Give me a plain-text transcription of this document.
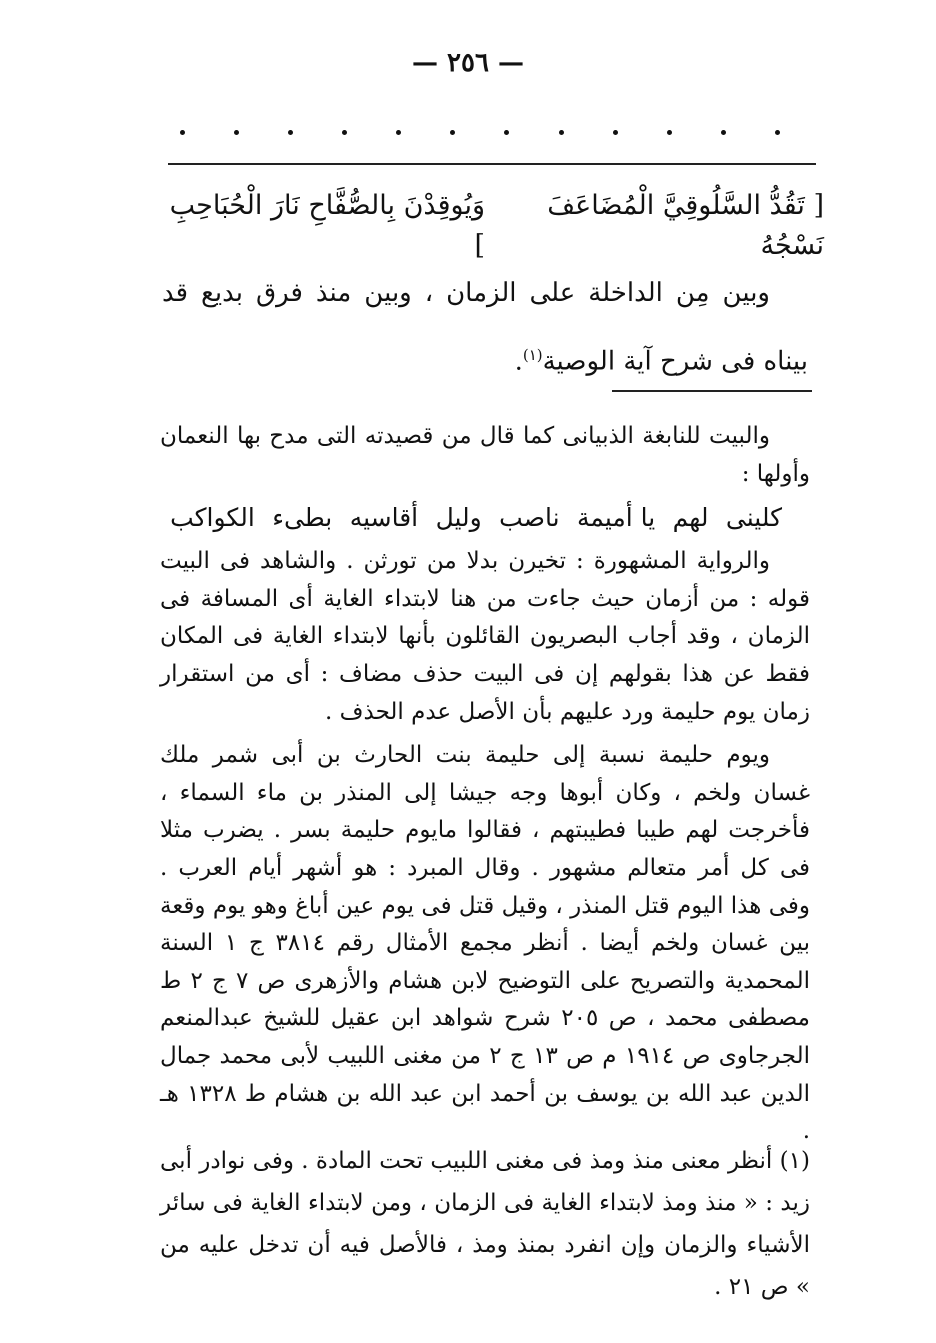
— ٢٥٦ —
[ تَقُدُّ السَّلُوقِيَّ الْمُضَاعَفَ نَسْجُهُ
وَيُوقِدْنَ بِالصُّفَّاحِ نَارَ الْحُبَاحِبِ ]

وبين مِن الداخلة على الزمان ، وبين منذ فرق بديع قد بيناه فى شرح آية الوصية$^{(١)}$.

والبيت للنابغة الذبيانى كما قال من قصيدته التى مدح بها النعمان وأولها :

كلينى
لهم
يا أميمة
ناصب
وليل
أقاسيه
بطىء
الكواكب

والرواية المشهورة : تخيرن بدلا من تورثن . والشاهد فى البيت قوله : من أزمان حيث جاءت من هنا لابتداء الغاية أى المسافة فى الزمان ، وقد أجاب البصريون القائلون بأنها لابتداء الغاية فى المكان فقط عن هذا بقولهم إن فى البيت حذف مضاف : أى من استقرار زمان يوم حليمة ورد عليهم بأن الأصل عدم الحذف .

ويوم حليمة نسبة إلى حليمة بنت الحارث بن أبى شمر ملك غسان ولخم ، وكان أبوها وجه جيشا إلى المنذر بن ماء السماء ، فأخرجت لهم طيبا فطيبتهم ، فقالوا مايوم حليمة بسر . يضرب مثلا فى كل أمر متعالم مشهور . وقال المبرد : هو أشهر أيام العرب . وفى هذا اليوم قتل المنذر ، وقيل قتل فى يوم عين أباغ وهو يوم وقعة بين غسان ولخم أيضا . أنظر مجمع الأمثال رقم ٣٨١٤ ج ١ السنة المحمدية والتصريح على التوضيح لابن هشام والأزهرى ص ٧ ج ٢ ط مصطفى محمد ، ص ٢٠٥ شرح شواهد ابن عقيل للشيخ عبدالمنعم الجرجاوى ص ١٩١٤ م ص ١٣ ج ٢ من مغنى اللبيب لأبى محمد جمال الدين عبد الله بن يوسف بن أحمد ابن عبد الله بن هشام ط ١٣٢٨ هـ .

(١) أنظر معنى منذ ومذ فى مغنى اللبيب تحت المادة . وفى نوادر أبى زيد : « منذ ومذ لابتداء الغاية فى الزمان ، ومن لابتداء الغاية فى سائر الأشياء والزمان وإن انفرد بمنذ ومذ ، فالأصل فيه أن تدخل عليه من » ص ٢١ .
